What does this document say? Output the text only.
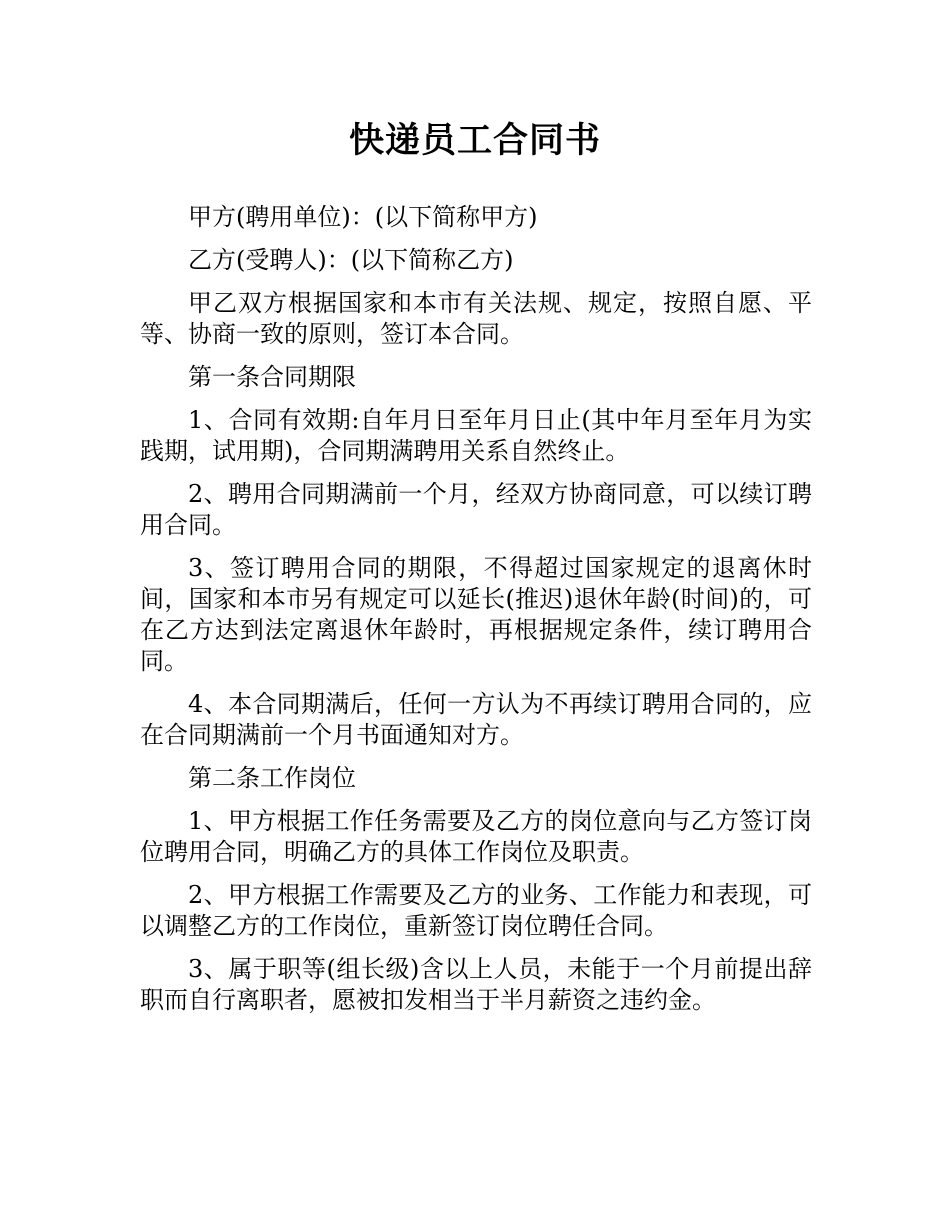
快递员工合同书

甲方(聘用单位)：(以下简称甲方)

乙方(受聘人)：(以下简称乙方)

甲乙双方根据国家和本市有关法规、规定，按照自愿、平等、协商一致的原则，签订本合同。

第一条合同期限

1、合同有效期:自年月日至年月日止(其中年月至年月为实践期，试用期)，合同期满聘用关系自然终止。

2、聘用合同期满前一个月，经双方协商同意，可以续订聘用合同。

3、签订聘用合同的期限，不得超过国家规定的退离休时间，国家和本市另有规定可以延长(推迟)退休年龄(时间)的，可在乙方达到法定离退休年龄时，再根据规定条件，续订聘用合同。

4、本合同期满后，任何一方认为不再续订聘用合同的，应在合同期满前一个月书面通知对方。

第二条工作岗位

1、甲方根据工作任务需要及乙方的岗位意向与乙方签订岗位聘用合同，明确乙方的具体工作岗位及职责。

2、甲方根据工作需要及乙方的业务、工作能力和表现，可以调整乙方的工作岗位，重新签订岗位聘任合同。

3、属于职等(组长级)含以上人员，未能于一个月前提出辞职而自行离职者，愿被扣发相当于半月薪资之违约金。
